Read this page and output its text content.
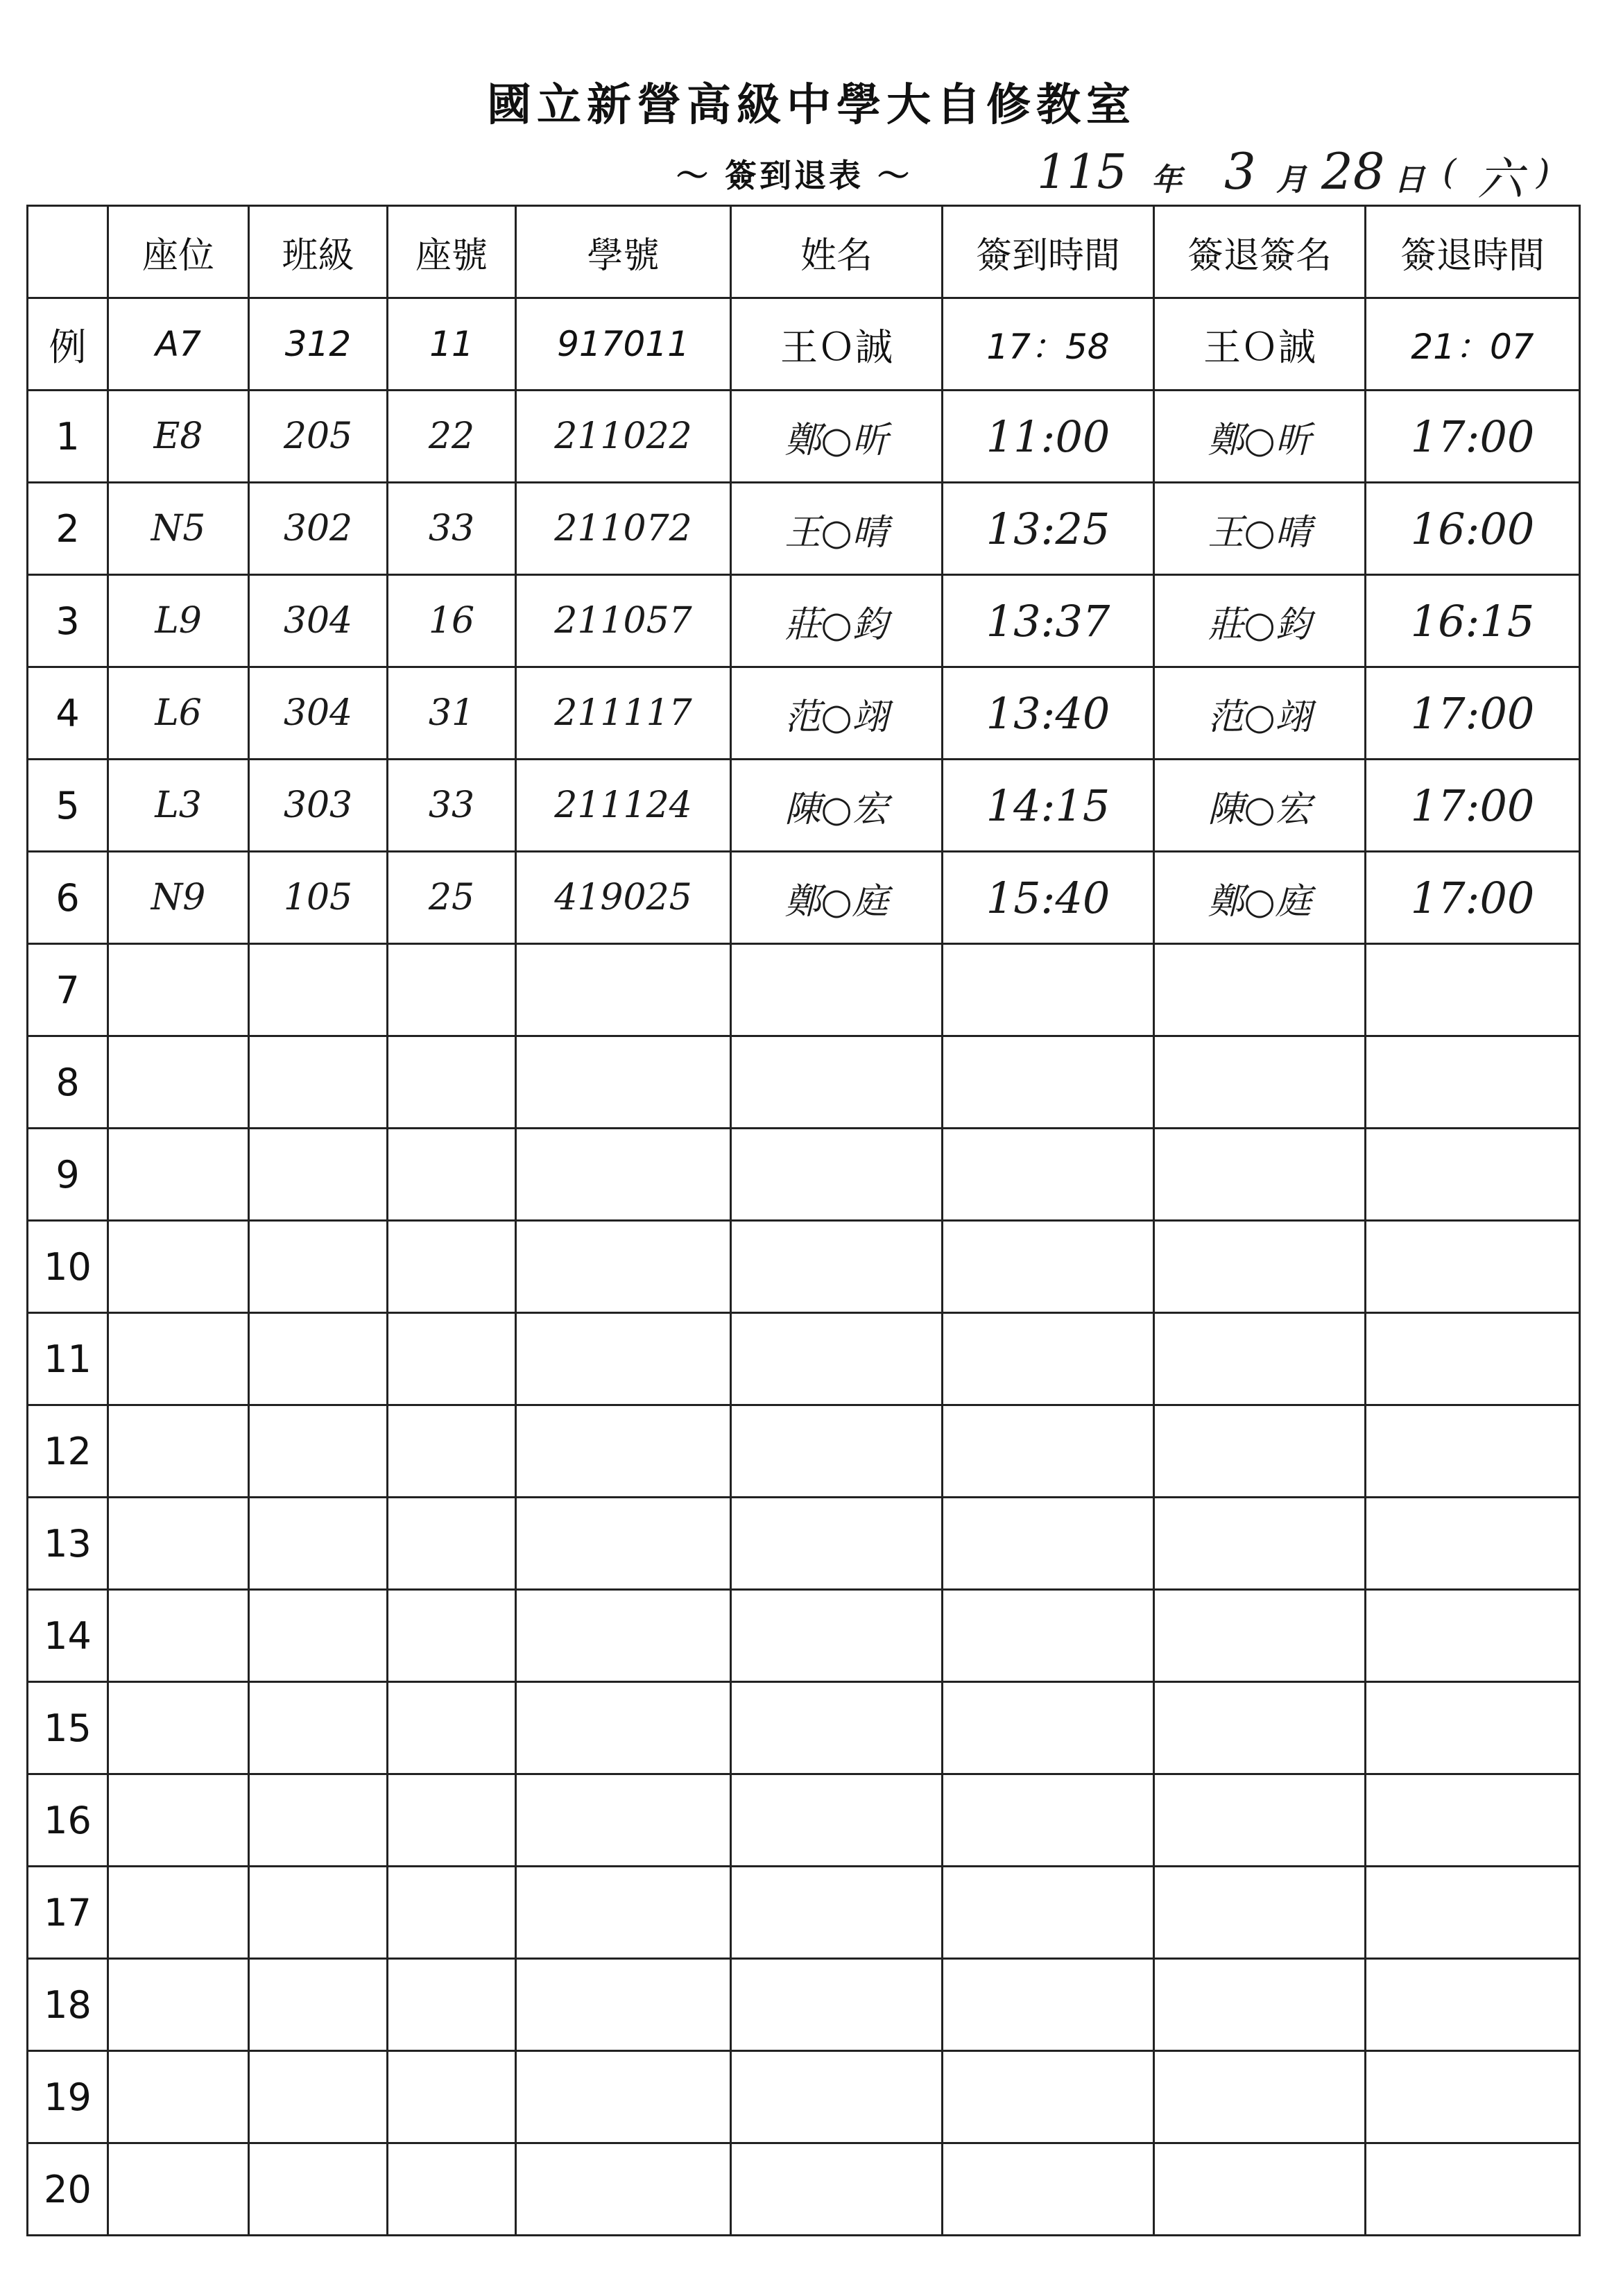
國立新營高級中學大自修教室
～ 簽到退表 ～	115 年 3 月 28 日 ( 六 )
	座位	班級	座號	學號	姓名	簽到時間	簽退簽名	簽退時間
例	A7	312	11	917011	王Ｏ誠	17：58	王Ｏ誠	21：07
1	E8	205	22	211022	鄭○昕	11:00	鄭○昕	17:00
2	N5	302	33	211072	王○晴	13:25	王○晴	16:00
3	L9	304	16	211057	莊○鈞	13:37	莊○鈞	16:15
4	L6	304	31	211117	范○翊	13:40	范○翊	17:00
5	L3	303	33	211124	陳○宏	14:15	陳○宏	17:00
6	N9	105	25	419025	鄭○庭	15:40	鄭○庭	17:00
7								
8								
9								
10								
11								
12								
13								
14								
15								
16								
17								
18								
19								
20								
